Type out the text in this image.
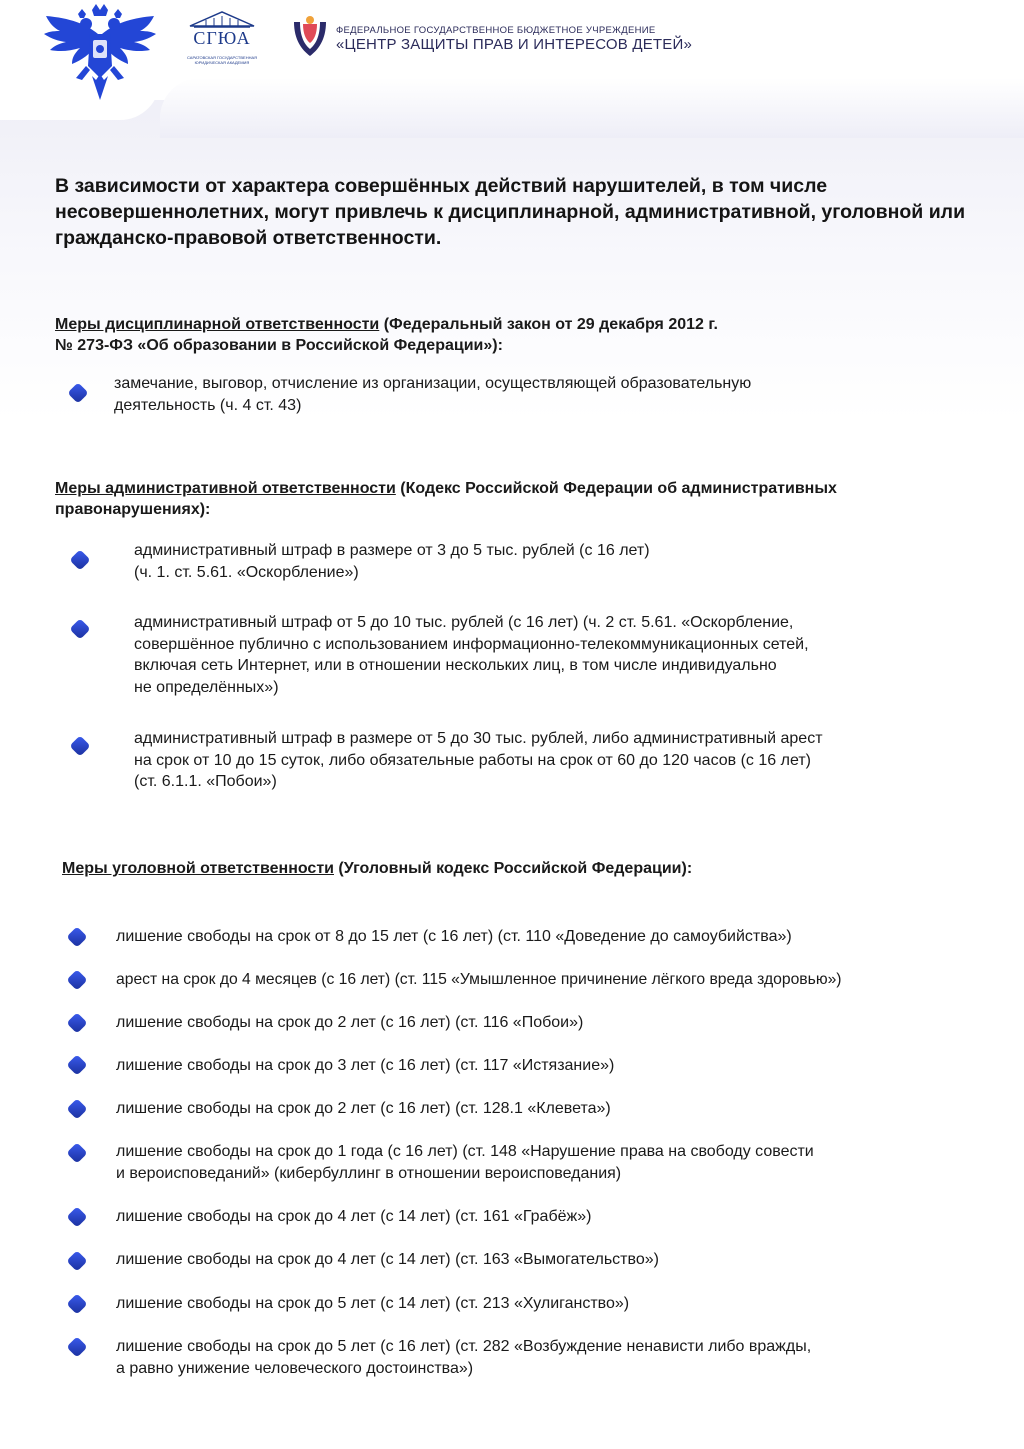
СГЮА
САРАТОВСКАЯ ГОСУДАРСТВЕННАЯ ЮРИДИЧЕСКАЯ АКАДЕМИЯ
ФЕДЕРАЛЬНОЕ ГОСУДАРСТВЕННОЕ БЮДЖЕТНОЕ УЧРЕЖДЕНИЕ
«ЦЕНТР ЗАЩИТЫ ПРАВ И ИНТЕРЕСОВ ДЕТЕЙ»
В зависимости от характера совершённых действий нарушителей, в том числе несовершеннолетних, могут привлечь к дисциплинарной, административной, уголовной или гражданско-правовой ответственности.
Меры дисциплинарной ответственности (Федеральный закон от 29 декабря 2012 г.
№ 273-ФЗ «Об образовании в Российской Федерации»):
замечание, выговор, отчисление из организации, осуществляющей образовательную
деятельность (ч. 4 ст. 43)
Меры административной ответственности (Кодекс Российской Федерации об административных
правонарушениях):
административный штраф в размере от 3 до 5 тыс. рублей (с 16 лет)
(ч. 1. ст. 5.61. «Оскорбление»)
административный штраф от 5 до 10 тыс. рублей (с 16 лет) (ч. 2 ст. 5.61. «Оскорбление,
совершённое публично с использованием информационно-телекоммуникационных сетей,
включая сеть Интернет, или в отношении нескольких лиц, в том числе индивидуально
не определённых»)
административный штраф в размере от 5 до 30 тыс. рублей, либо административный арест
на срок от 10 до 15 суток, либо обязательные работы на срок от 60 до 120 часов (с 16 лет)
(ст. 6.1.1. «Побои»)
Меры уголовной ответственности (Уголовный кодекс Российской Федерации):
лишение свободы на срок от 8 до 15 лет (с 16 лет) (ст. 110 «Доведение до самоубийства»)
арест на срок до 4 месяцев (с 16 лет) (ст. 115 «Умышленное причинение лёгкого вреда здоровью»)
лишение свободы на срок до 2 лет (с 16 лет) (ст. 116 «Побои»)
лишение свободы на срок до 3 лет (с 16 лет) (ст. 117 «Истязание»)
лишение свободы на срок до 2 лет (с 16 лет) (ст. 128.1 «Клевета»)
лишение свободы на срок до 1 года (с 16 лет) (ст. 148 «Нарушение права на свободу совести
и вероисповеданий» (кибербуллинг в отношении вероисповедания)
лишение свободы на срок до 4 лет (с 14 лет) (ст. 161 «Грабёж»)
лишение свободы на срок до 4 лет (с 14 лет) (ст. 163 «Вымогательство»)
лишение свободы на срок до 5 лет (с 14 лет) (ст. 213 «Хулиганство»)
лишение свободы на срок до 5 лет (с 16 лет) (ст. 282 «Возбуждение ненависти либо вражды,
а равно унижение человеческого достоинства»)
